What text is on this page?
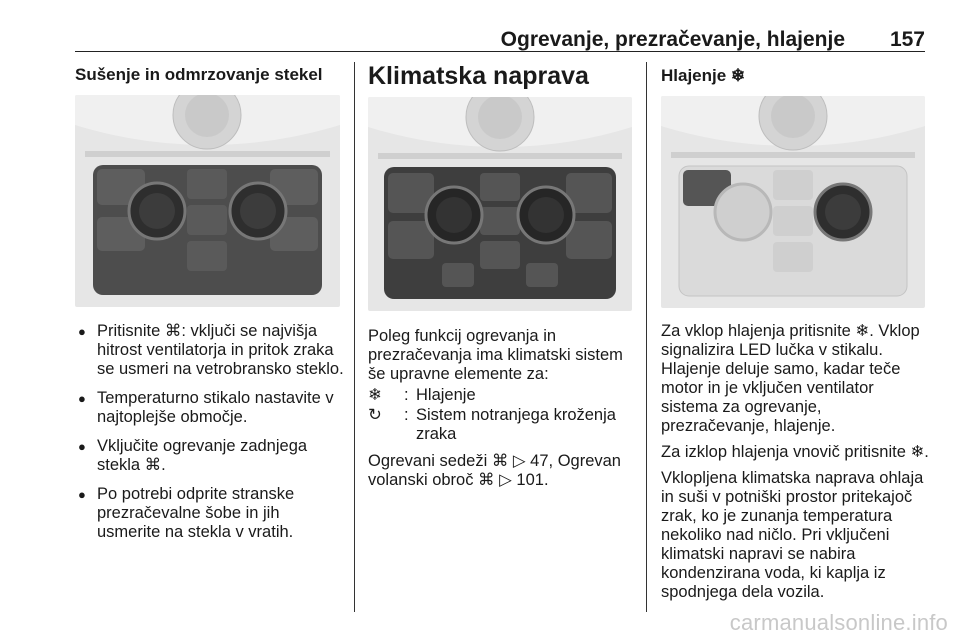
Ogrevanje, prezračevanje, hlajenje 157
Sušenje in odmrzovanje stekel
● Pritisnite ⌘: vključi se najvišja hitrost ventilatorja in pritok zraka se usmeri na vetrobransko steklo.
● Temperaturno stikalo nastavite v najtoplejše območje.
● Vključite ogrevanje zadnjega stekla ⌘.
● Po potrebi odprite stranske prezračevalne šobe in jih usmerite na stekla v vratih.
Klimatska naprava
Poleg funkcij ogrevanja in prezračevanja ima klimatski sistem še upravne elemente za:
❄	: Hlajenje
↻	: Sistem notranjega kroženja zraka
Ogrevani sedeži ⌘ ▷ 47, Ogrevan volanski obroč ⌘ ▷ 101.
Hlajenje ❄

Za vklop hlajenja pritisnite ❄. Vklop signalizira LED lučka v stikalu. Hlajenje deluje samo, kadar teče motor in je vključen ventilator sistema za ogrevanje, prezračevanje, hlajenje.

Za izklop hlajenja vnovič pritisnite ❄.

Vklopljena klimatska naprava ohlaja in suši v potniški prostor pritekajoč zrak, ko je zunanja temperatura nekoliko nad ničlo. Pri vključeni klimatski napravi se nabira kondenzirana voda, ki kaplja iz spodnjega dela vozila.

carmanualsonline.info
